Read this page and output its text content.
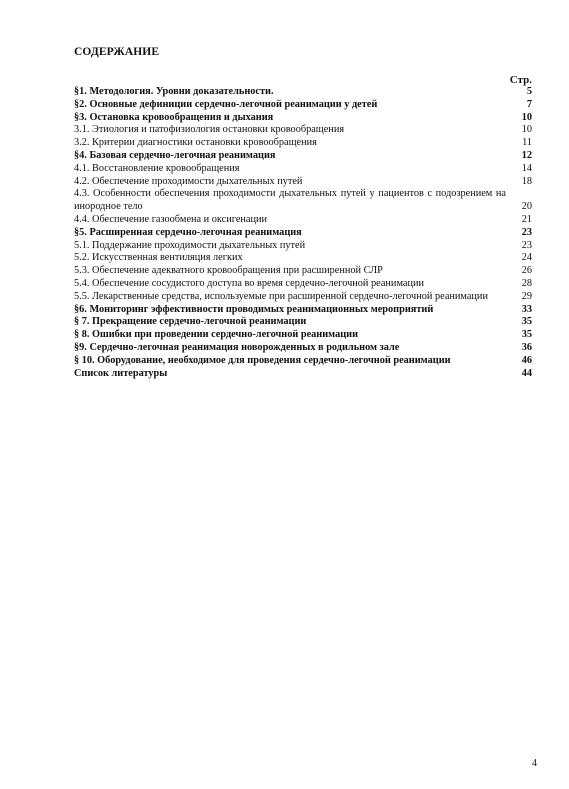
СОДЕРЖАНИЕ
Стр.
§1. Методология. Уровни доказательности.	5
§2. Основные дефиниции сердечно-легочной реанимации у детей	7
§3. Остановка кровообращения и дыхания	10
3.1. Этиология и патофизиология остановки кровообращения	10
3.2. Критерии диагностики остановки кровообращения	11
§4. Базовая сердечно-легочная реанимация	12
4.1. Восстановление кровообращения	14
4.2. Обеспечение проходимости дыхательных путей	18
4.3. Особенности обеспечения проходимости дыхательных путей у пациентов с подозрением на инородное тело	20
4.4. Обеспечение газообмена и оксигенации	21
§5. Расширенная сердечно-легочная реанимация	23
5.1. Поддержание проходимости дыхательных путей	23
5.2. Искусственная вентиляция легких	24
5.3. Обеспечение адекватного кровообращения при расширенной СЛР	26
5.4. Обеспечение сосудистого доступа во время сердечно-легочной реанимации	28
5.5. Лекарственные средства, используемые при расширенной сердечно-легочной реанимации	29
§6. Мониторинг эффективности проводимых реанимационных мероприятий	33
§ 7. Прекращение сердечно-легочной реанимации	35
§ 8. Ошибки при проведении сердечно-легочной реанимации	35
§9. Сердечно-легочная реанимация новорожденных в родильном зале	36
§ 10. Оборудование, необходимое для проведения сердечно-легочной реанимации	46
Список литературы	44
4
